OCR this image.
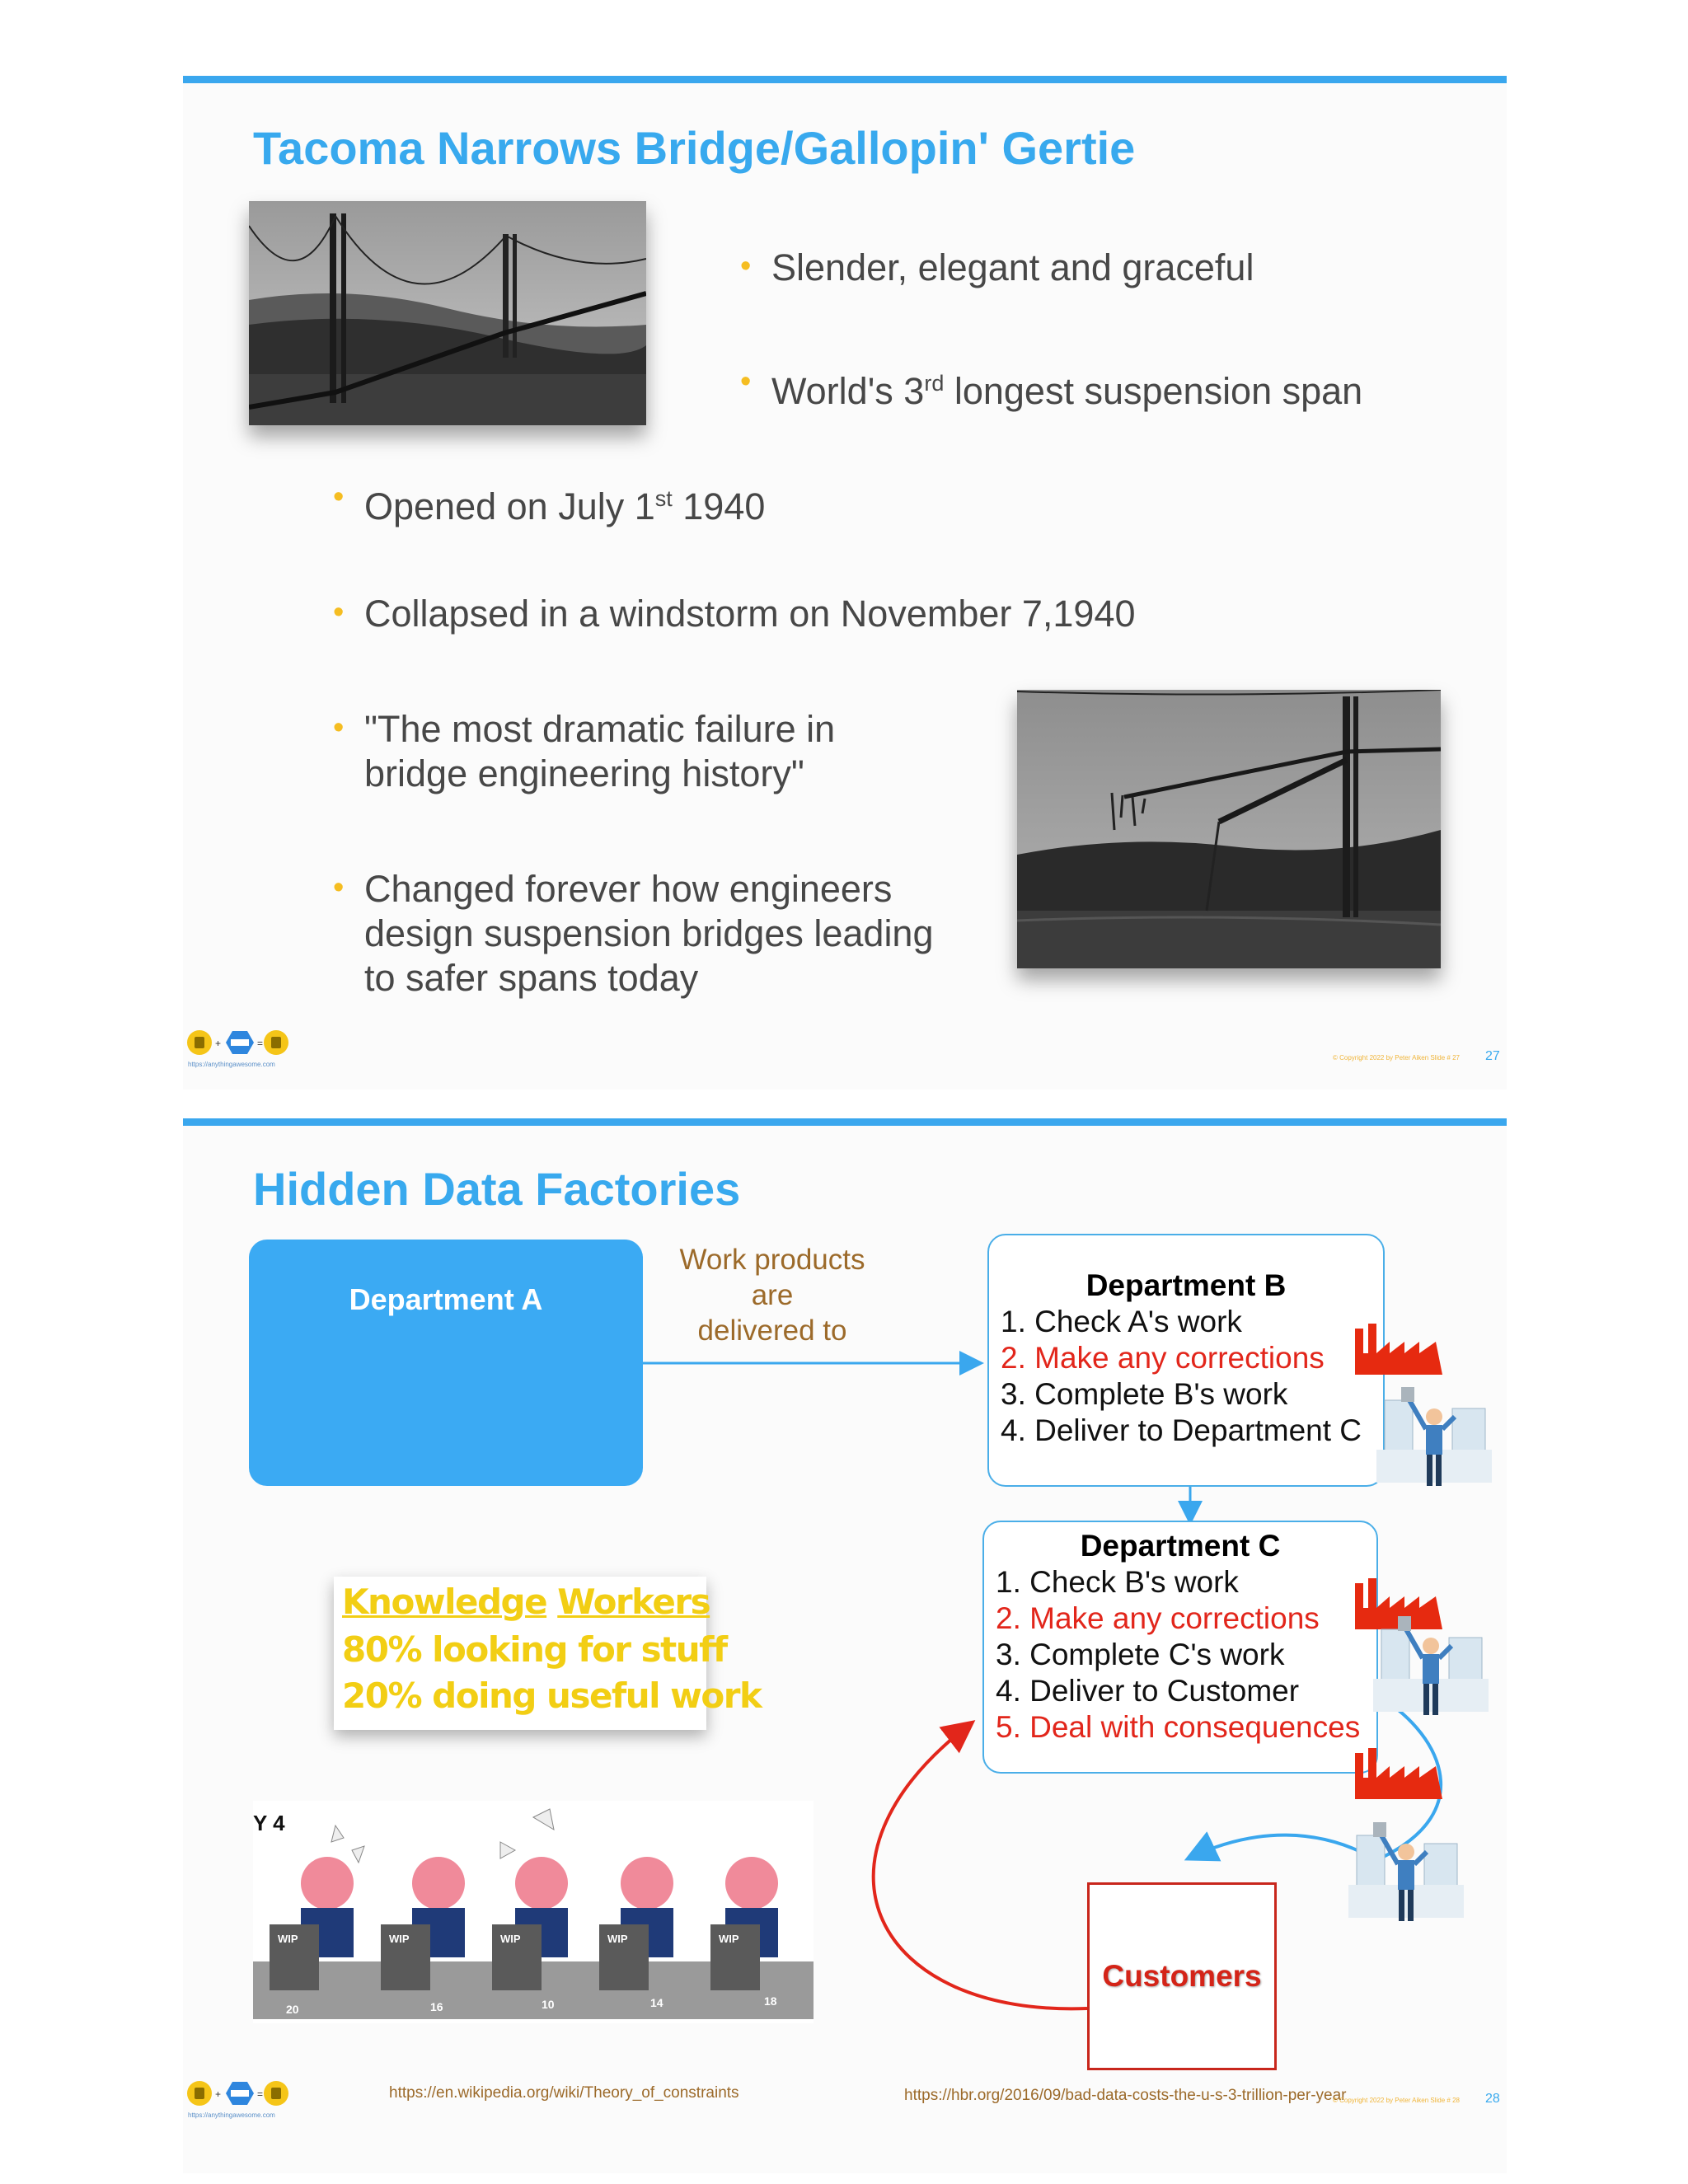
Tacoma Narrows Bridge/Gallopin' Gertie
• Slender, elegant and graceful
• World's 3rd longest suspension span
• Opened on July 1st 1940
• Collapsed in a windstorm on November 7,1940
• "The most dramatic failure in
bridge engineering history"
• Changed forever how engineers
design suspension bridges leading
to safer spans today
+	=
https://anythingawesome.com
© Copyright 2022 by Peter Aiken Slide # 27 27
Hidden Data Factories
Department A
Work products are
delivered to
Department B
1. Check A's work
2. Make any corrections
3. Complete B's work
4. Deliver to Department C
Department C
1. Check B's work
2. Make any corrections
3. Complete C's work
4. Deliver to Customer
5. Deal with consequences
Knowledge Workers
80% looking for stuff
20% doing useful work
Y 4
WIP
20
WIP
16
WIP
10
WIP
14
WIP
18
Customers
+	=
https://anythingawesome.com
https://en.wikipedia.org/wiki/Theory_of_constraints	https://hbr.org/2016/09/bad-data-costs-the-u-s-3-trillion-per-year
© Copyright 2022 by Peter Aiken Slide # 28 28
